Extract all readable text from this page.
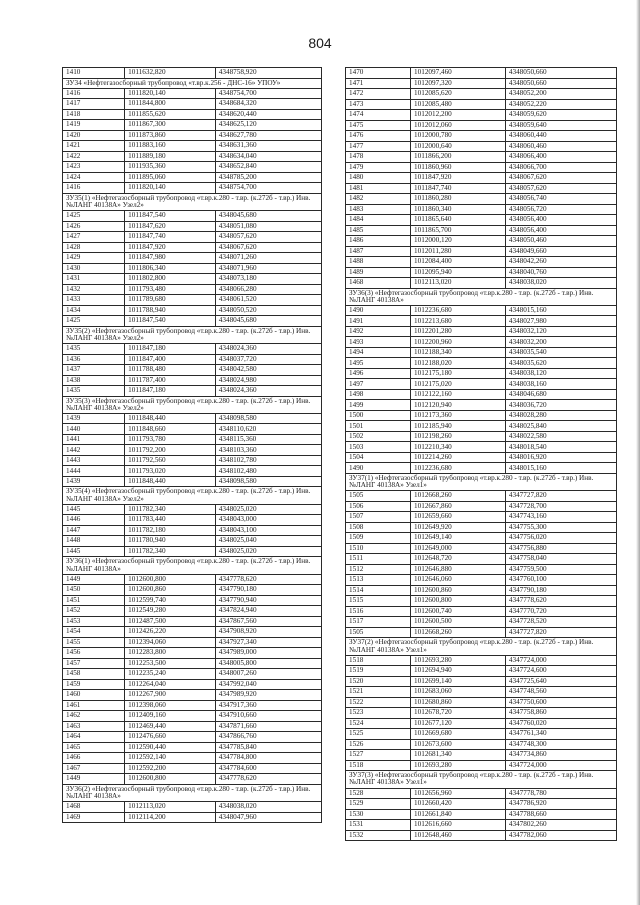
804
1410	1011632,820	4348758,920
ЗУ34 «Нефтегазосборный трубопровод «т.вр.к.256 - ДНС-16» УПОУ»		
1416	1011820,140	4348754,700
1417	1011844,800	4348684,320
1418	1011855,620	4348620,440
1419	1011867,300	4348625,120
1420	1011873,860	4348627,780
1421	1011883,160	4348631,360
1422	1011889,180	4348634,040
1423	1011935,360	4348652,840
1424	1011895,060	4348785,200
1416	1011820,140	4348754,700
ЗУ35(1) «Нефтегазосборный трубопровод «т.вр.к.280 - т.вр. (к.272б - т.вр.) Инв. №ЛАНГ 40138А» Узел2»		
1425	1011847,540	4348045,680
1426	1011847,620	4348051,080
1427	1011847,740	4348057,620
1428	1011847,920	4348067,620
1429	1011847,980	4348071,260
1430	1011806,340	4348071,960
1431	1011802,800	4348073,180
1432	1011793,480	4348066,280
1433	1011789,680	4348061,520
1434	1011788,940	4348050,520
1425	1011847,540	4348045,680
ЗУ35(2) «Нефтегазосборный трубопровод «т.вр.к.280 - т.вр. (к.272б - т.вр.) Инв. №ЛАНГ 40138А» Узел2»		
1435	1011847,180	4348024,360
1436	1011847,400	4348037,720
1437	1011788,480	4348042,580
1438	1011787,400	4348024,980
1435	1011847,180	4348024,360
ЗУ35(3) «Нефтегазосборный трубопровод «т.вр.к.280 - т.вр. (к.272б - т.вр.) Инв. №ЛАНГ 40138А» Узел2»		
1439	1011848,440	4348098,580
1440	1011848,660	4348110,620
1441	1011793,780	4348115,360
1442	1011792,200	4348103,360
1443	1011792,560	4348102,780
1444	1011793,020	4348102,480
1439	1011848,440	4348098,580
ЗУ35(4) «Нефтегазосборный трубопровод «т.вр.к.280 - т.вр. (к.272б - т.вр.) Инв. №ЛАНГ 40138А» Узел2»		
1445	1011782,340	4348025,020
1446	1011783,440	4348043,000
1447	1011782,180	4348043,100
1448	1011780,940	4348025,040
1445	1011782,340	4348025,020
ЗУ36(1) «Нефтегазосборный трубопровод «т.вр.к.280 - т.вр. (к.272б - т.вр.) Инв. №ЛАНГ 40138А»		
1449	1012600,800	4347778,620
1450	1012600,860	4347790,180
1451	1012599,740	4347790,940
1452	1012549,280	4347824,940
1453	1012487,500	4347867,560
1454	1012426,220	4347908,920
1455	1012394,060	4347927,340
1456	1012283,800	4347989,000
1457	1012253,500	4348005,800
1458	1012235,240	4348007,260
1459	1012264,040	4347992,040
1460	1012267,900	4347989,920
1461	1012398,060	4347917,360
1462	1012409,160	4347910,660
1463	1012469,440	4347871,660
1464	1012476,660	4347866,760
1465	1012590,440	4347785,840
1466	1012592,140	4347784,800
1467	1012592,200	4347784,600
1449	1012600,800	4347778,620
ЗУ36(2) «Нефтегазосборный трубопровод «т.вр.к.280 - т.вр. (к.272б - т.вр.) Инв. №ЛАНГ 40138А»		
1468	1012113,020	4348038,020
1469	1012114,200	4348047,960
1470	1012097,460	4348050,660
1471	1012097,320	4348050,660
1472	1012085,620	4348052,200
1473	1012085,480	4348052,220
1474	1012012,200	4348059,620
1475	1012012,060	4348059,640
1476	1012000,780	4348060,440
1477	1012000,640	4348060,460
1478	1011866,200	4348066,400
1479	1011860,960	4348066,700
1480	1011847,920	4348067,620
1481	1011847,740	4348057,620
1482	1011860,280	4348056,740
1483	1011860,340	4348056,720
1484	1011865,640	4348056,400
1485	1011865,700	4348056,400
1486	1012000,120	4348050,460
1487	1012011,280	4348049,660
1488	1012084,400	4348042,260
1489	1012095,940	4348040,760
1468	1012113,020	4348038,020
ЗУ36(3) «Нефтегазосборный трубопровод «т.вр.к.280 - т.вр. (к.272б - т.вр.) Инв. №ЛАНГ 40138А»		
1490	1012236,680	4348015,160
1491	1012213,680	4348027,980
1492	1012201,280	4348032,120
1493	1012200,960	4348032,200
1494	1012188,340	4348035,540
1495	1012188,020	4348035,620
1496	1012175,180	4348038,120
1497	1012175,020	4348038,160
1498	1012122,160	4348046,680
1499	1012120,940	4348036,720
1500	1012173,360	4348028,280
1501	1012185,940	4348025,840
1502	1012198,260	4348022,580
1503	1012210,340	4348018,540
1504	1012214,260	4348016,920
1490	1012236,680	4348015,160
ЗУ37(1) «Нефтегазосборный трубопровод «т.вр.к.280 - т.вр. (к.272б - т.вр.) Инв. №ЛАНГ 40138А» Узел1»		
1505	1012668,260	4347727,820
1506	1012667,860	4347728,700
1507	1012659,660	4347743,160
1508	1012649,920	4347755,300
1509	1012649,140	4347756,020
1510	1012649,000	4347756,880
1511	1012648,720	4347758,040
1512	1012646,880	4347759,500
1513	1012646,060	4347760,100
1514	1012600,860	4347790,180
1515	1012600,800	4347778,620
1516	1012600,740	4347770,720
1517	1012600,500	4347728,520
1505	1012668,260	4347727,820
ЗУ37(2) «Нефтегазосборный трубопровод «т.вр.к.280 - т.вр. (к.272б - т.вр.) Инв. №ЛАНГ 40138А» Узел1»		
1518	1012693,280	4347724,000
1519	1012694,940	4347724,600
1520	1012699,140	4347725,640
1521	1012683,060	4347748,560
1522	1012680,860	4347750,600
1523	1012678,720	4347758,860
1524	1012677,120	4347760,020
1525	1012669,680	4347761,340
1526	1012673,600	4347748,300
1527	1012681,340	4347734,860
1518	1012693,280	4347724,000
ЗУ37(3) «Нефтегазосборный трубопровод «т.вр.к.280 - т.вр. (к.272б - т.вр.) Инв. №ЛАНГ 40138А» Узел1»		
1528	1012656,960	4347778,780
1529	1012660,420	4347786,920
1530	1012661,840	4347788,660
1531	1012616,660	4347802,260
1532	1012648,460	4347782,060
